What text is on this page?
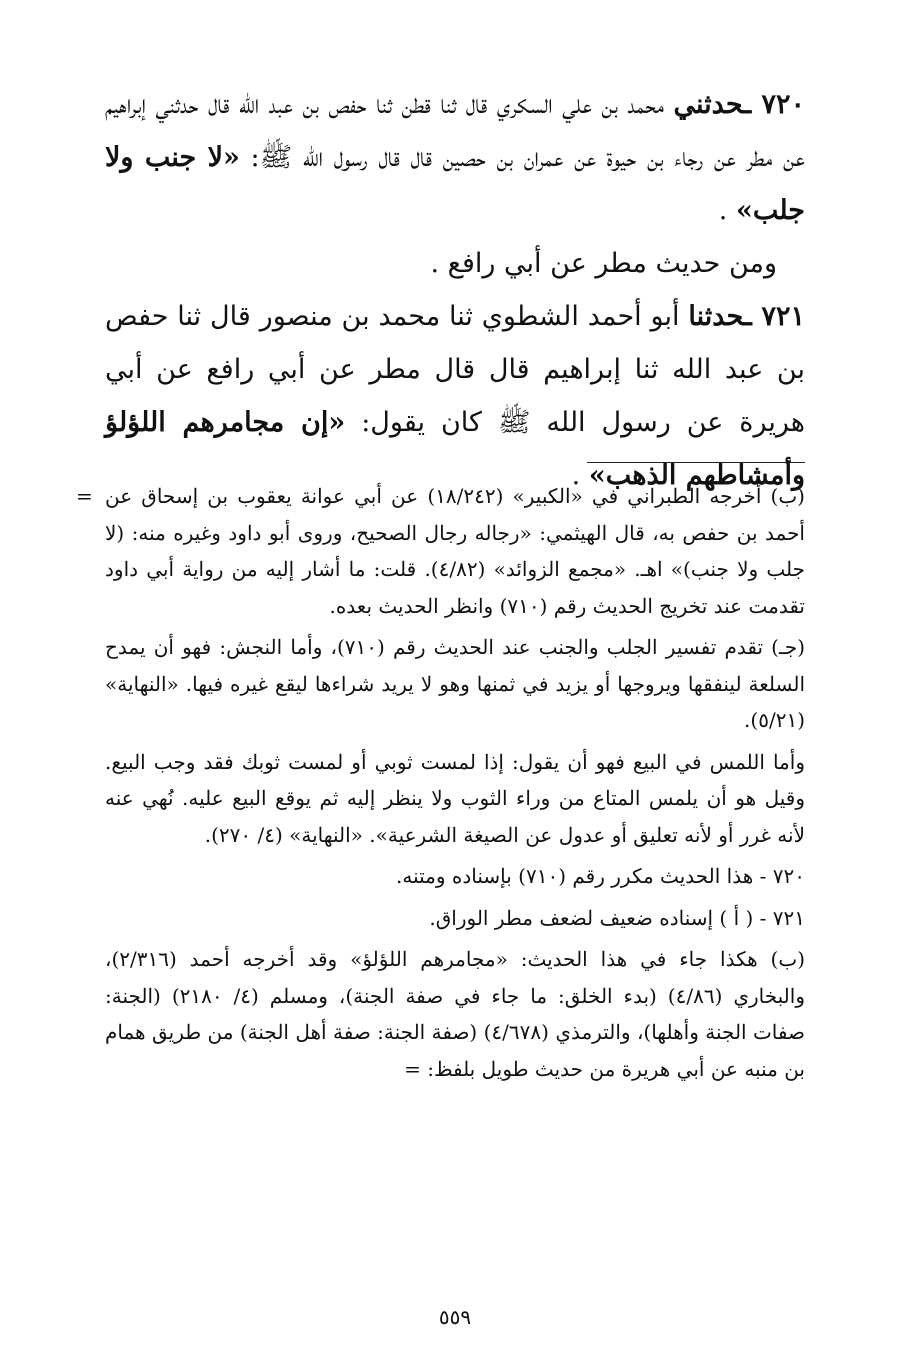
٧٢٠ ـحدثني محمد بن علي السكري قال ثنا قطن ثنا حفص بن عبد الله قال حدثني إبراهيم عن مطر عن رجاء بن حيوة عن عمران بن حصين قال قال رسول الله ﷺ: «لا جنب ولا جلب» .

ومن حديث مطر عن أبي رافع .

٧٢١ ـحدثنا أبو أحمد الشطوي ثنا محمد بن منصور قال ثنا حفص بن عبد الله ثنا إبراهيم قال قال مطر عن أبي رافع عن أبي هريرة عن رسول الله ﷺ كان يقول: «إن مجامرهم اللؤلؤ وأمشاطهم الذهب» .

= (ب) أخرجه الطبراني في «الكبير» (١٨/٢٤٢) عن أبي عوانة يعقوب بن إسحاق عن أحمد بن حفص به، قال الهيثمي: «رجاله رجال الصحيح، وروى أبو داود وغيره منه: (لا جلب ولا جنب)» اهـ. «مجمع الزوائد» (٤/٨٢). قلت: ما أشار إليه من رواية أبي داود تقدمت عند تخريج الحديث رقم (٧١٠) وانظر الحديث بعده.

(جـ) تقدم تفسير الجلب والجنب عند الحديث رقم (٧١٠)، وأما النجش: فهو أن يمدح السلعة لينفقها ويروجها أو يزيد في ثمنها وهو لا يريد شراءها ليقع غيره فيها. «النهاية» (٥/٢١).

وأما اللمس في البيع فهو أن يقول: إذا لمست ثوبي أو لمست ثوبك فقد وجب البيع. وقيل هو أن يلمس المتاع من وراء الثوب ولا ينظر إليه ثم يوقع البيع عليه. نُهي عنه لأنه غرر أو لأنه تعليق أو عدول عن الصيغة الشرعية». «النهاية» (٤/ ٢٧٠).

٧٢٠ - هذا الحديث مكرر رقم (٧١٠) بإسناده ومتنه.

٧٢١ - ( أ ) إسناده ضعيف لضعف مطر الوراق.

(ب) هكذا جاء في هذا الحديث: «مجامرهم اللؤلؤ» وقد أخرجه أحمد (٢/٣١٦)، والبخاري (٤/٨٦) (بدء الخلق: ما جاء في صفة الجنة)، ومسلم (٤/ ٢١٨٠) (الجنة: صفات الجنة وأهلها)، والترمذي (٤/٦٧٨) (صفة الجنة: صفة أهل الجنة) من طريق همام بن منبه عن أبي هريرة من حديث طويل بلفظ: =

٥٥٩
